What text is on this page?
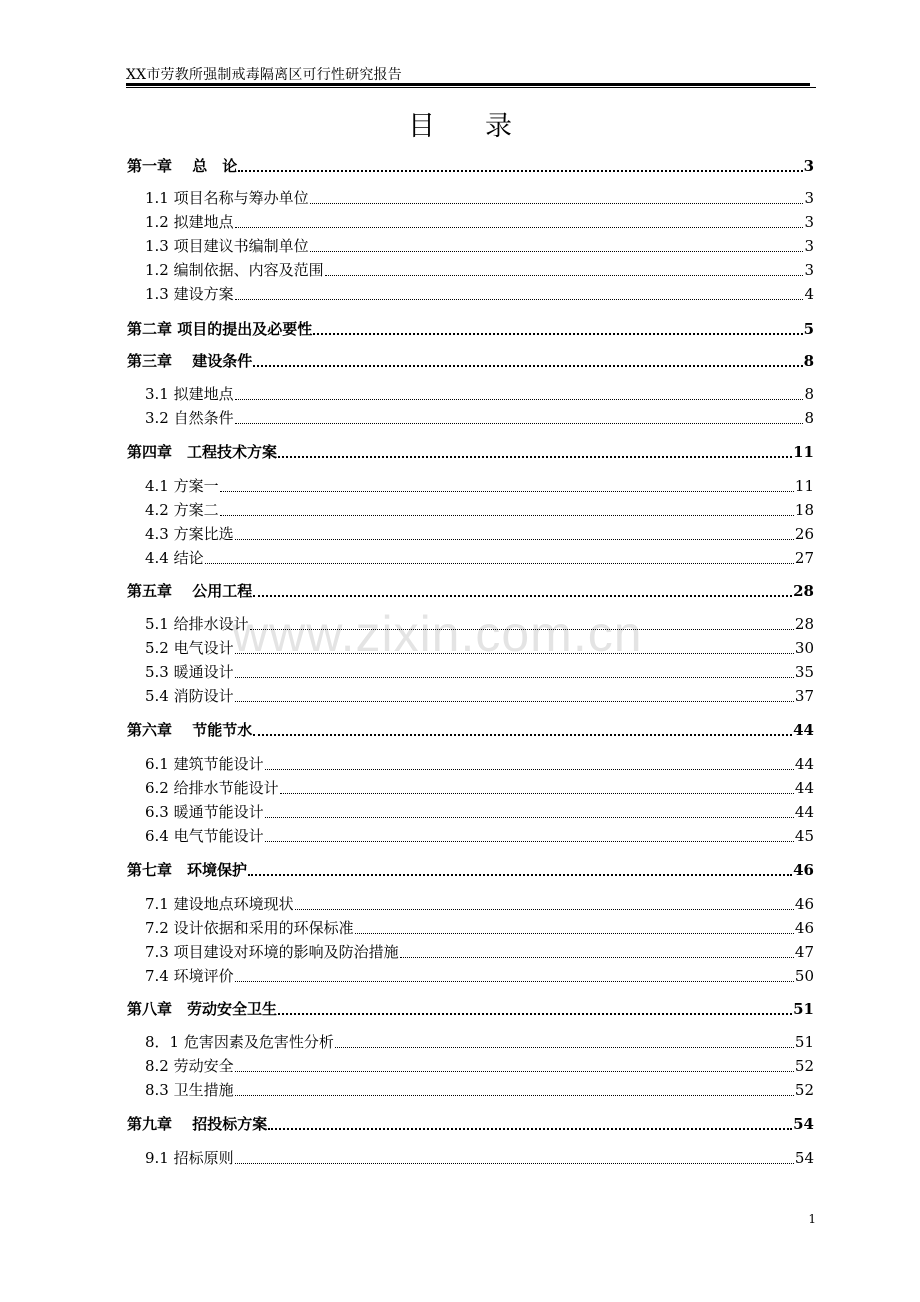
XX市劳教所强制戒毒隔离区可行性研究报告
目录
www.zixin.com.cn
1
第一章　 总　论	3
1.1 项目名称与筹办单位	3
1.2 拟建地点	3
1.3 项目建议书编制单位	3
1.2 编制依据、内容及范围	3
1.3 建设方案	4
第二章 项目的提出及必要性	5
第三章　 建设条件	8
3.1 拟建地点	8
3.2 自然条件	8
第四章　工程技术方案	11
4.1 方案一	11
4.2 方案二	18
4.3 方案比选	26
4.4 结论	27
第五章　 公用工程	28
5.1 给排水设计	28
5.2 电气设计	30
5.3 暖通设计	35
5.4 消防设计	37
第六章　 节能节水	44
6.1 建筑节能设计	44
6.2 给排水节能设计	44
6.3 暖通节能设计	44
6.4 电气节能设计	45
第七章　环境保护	46
7.1 建设地点环境现状	46
7.2 设计依据和采用的环保标准	46
7.3 项目建设对环境的影响及防治措施	47
7.4 环境评价	50
第八章　劳动安全卫生	51
8．1 危害因素及危害性分析	51
8.2 劳动安全	52
8.3 卫生措施	52
第九章　 招投标方案	54
9.1 招标原则	54
